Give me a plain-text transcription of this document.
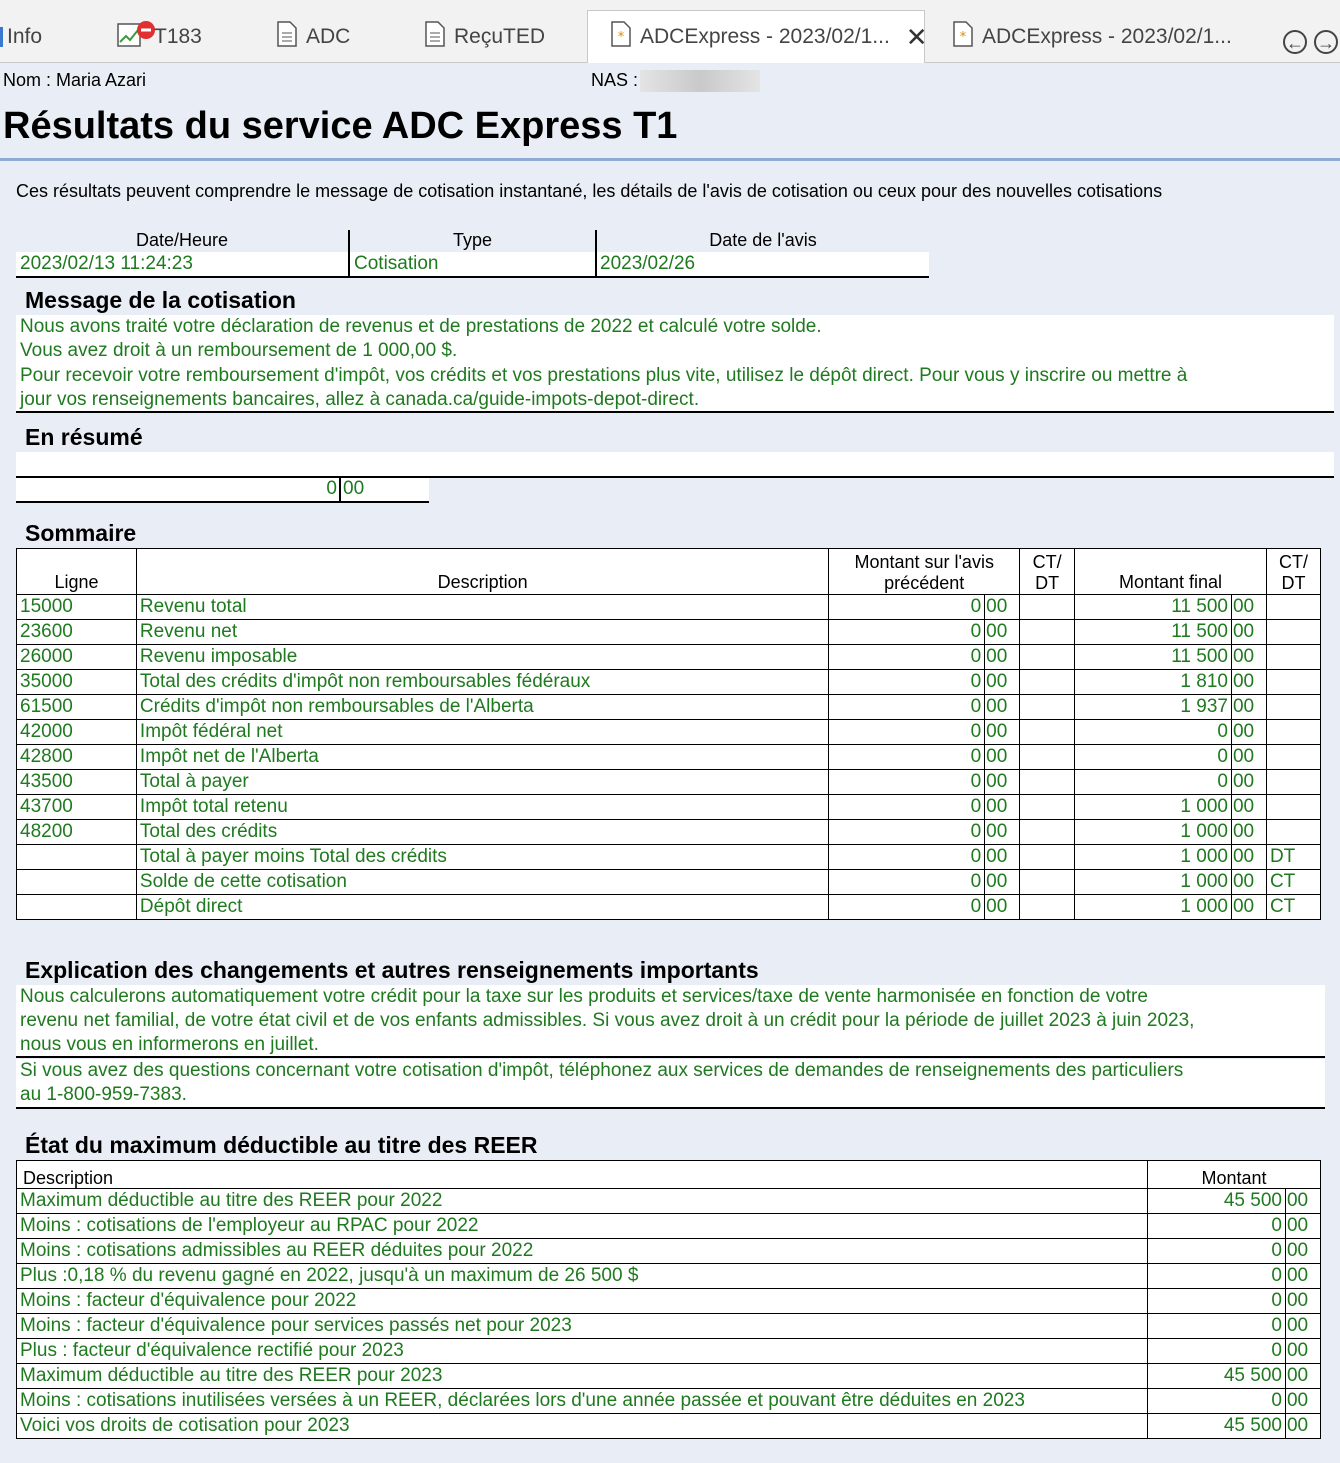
Info	T183	ADC	ReçuTED	* ADCExpress - 2023/02/1... ✕ * ADCExpress - 2023/02/1...	← →
Nom : Maria Azari	NAS :
Résultats du service ADC Express T1
Ces résultats peuvent comprendre le message de cotisation instantané, les détails de l'avis de cotisation ou ceux pour des nouvelles cotisations
Date/Heure	Type	Date de l'avis
2023/02/13 11:24:23	Cotisation	2023/02/26
Message de la cotisation
Nous avons traité votre déclaration de revenus et de prestations de 2022 et calculé votre solde.
Vous avez droit à un remboursement de 1 000,00 $.
Pour recevoir votre remboursement d'impôt, vos crédits et vos prestations plus vite, utilisez le dépôt direct. Pour vous y inscrire ou mettre à
jour vos renseignements bancaires, allez à canada.ca/guide-impots-depot-direct.
En résumé
0 00
Sommaire
Ligne	Description	Montant sur l'avis précédent		CT/ DT	Montant final		CT/ DT
15000	Revenu total	0	00		11 500	00	
23600	Revenu net	0	00		11 500	00	
26000	Revenu imposable	0	00		11 500	00	
35000	Total des crédits d'impôt non remboursables fédéraux	0	00		1 810	00	
61500	Crédits d'impôt non remboursables de l'Alberta	0	00		1 937	00	
42000	Impôt fédéral net	0	00		0	00	
42800	Impôt net de l'Alberta	0	00		0	00	
43500	Total à payer	0	00		0	00	
43700	Impôt total retenu	0	00		1 000	00	
48200	Total des crédits	0	00		1 000	00	
	Total à payer moins Total des crédits	0	00		1 000	00	DT
	Solde de cette cotisation	0	00		1 000	00	CT
	Dépôt direct	0	00		1 000	00	CT
Explication des changements et autres renseignements importants
Nous calculerons automatiquement votre crédit pour la taxe sur les produits et services/taxe de vente harmonisée en fonction de votre
revenu net familial, de votre état civil et de vos enfants admissibles. Si vous avez droit à un crédit pour la période de juillet 2023 à juin 2023,
nous vous en informerons en juillet.
Si vous avez des questions concernant votre cotisation d'impôt, téléphonez aux services de demandes de renseignements des particuliers
au 1-800-959-7383.
État du maximum déductible au titre des REER
Description	Montant	
Maximum déductible au titre des REER pour 2022	45 500	00
Moins : cotisations de l'employeur au RPAC pour 2022	0	00
Moins : cotisations admissibles au REER déduites pour 2022	0	00
Plus :0,18 % du revenu gagné en 2022, jusqu'à un maximum de 26 500 $	0	00
Moins : facteur d'équivalence pour 2022	0	00
Moins : facteur d'équivalence pour services passés net pour 2023	0	00
Plus : facteur d'équivalence rectifié pour 2023	0	00
Maximum déductible au titre des REER pour 2023	45 500	00
Moins : cotisations inutilisées versées à un REER, déclarées lors d'une année passée et pouvant être déduites en 2023	0	00
Voici vos droits de cotisation pour 2023	45 500	00
